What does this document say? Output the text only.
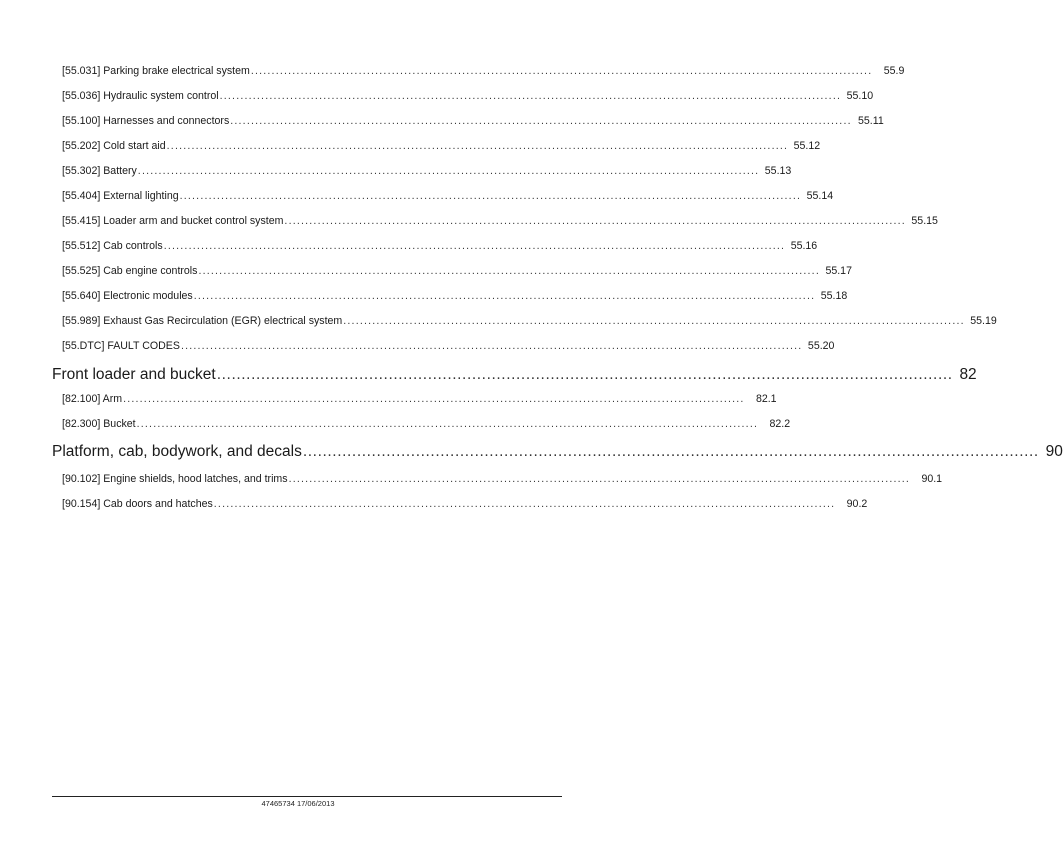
[55.031] Parking brake electrical system ......................................................................................................................................................	55.9
[55.036] Hydraulic system control ...................................................................................................................................................... 55.10
[55.100] Harnesses and connectors ...................................................................................................................................................... 55.11
[55.202] Cold start aid ...................................................................................................................................................... 55.12
[55.302] Battery ...................................................................................................................................................... 55.13
[55.404] External lighting ...................................................................................................................................................... 55.14
[55.415] Loader arm and bucket control system ...................................................................................................................................................... 55.15
[55.512] Cab controls ...................................................................................................................................................... 55.16
[55.525] Cab engine controls ...................................................................................................................................................... 55.17
[55.640] Electronic modules ...................................................................................................................................................... 55.18
[55.989] Exhaust Gas Recirculation (EGR) electrical system ...................................................................................................................................................... 55.19
[55.DTC] FAULT CODES ...................................................................................................................................................... 55.20
Front loader and bucket ...................................................................................................................................................... 82
[82.100] Arm ......................................................................................................................................................	82.1
[82.300] Bucket ......................................................................................................................................................	82.2
Platform, cab, bodywork, and decals ...................................................................................................................................................... 90
[90.102] Engine shields, hood latches, and trims ......................................................................................................................................................	90.1
[90.154] Cab doors and hatches ......................................................................................................................................................	90.2
47465734 17/06/2013
